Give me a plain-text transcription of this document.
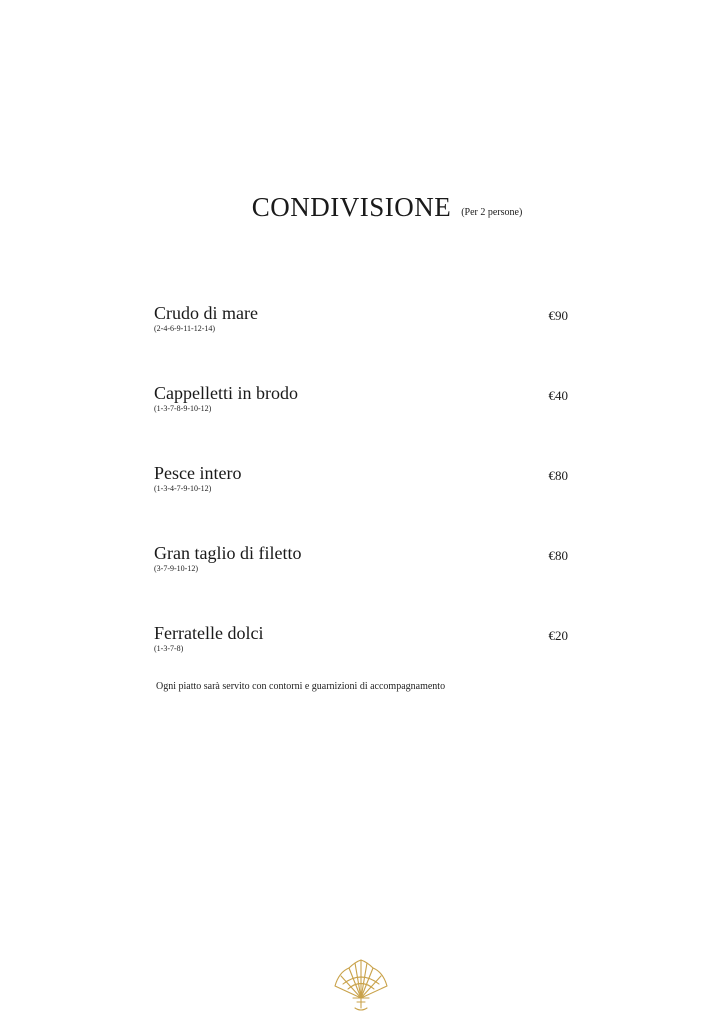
CONDIVISIONE (Per 2 persone)
Crudo di mare
(2-4-6-9-11-12-14)
€90
Cappelletti in brodo
(1-3-7-8-9-10-12)
€40
Pesce intero
(1-3-4-7-9-10-12)
€80
Gran taglio di filetto
(3-7-9-10-12)
€80
Ferratelle dolci
(1-3-7-8)
€20
Ogni piatto sarà servito con contorni e guarnizioni di accompagnamento
